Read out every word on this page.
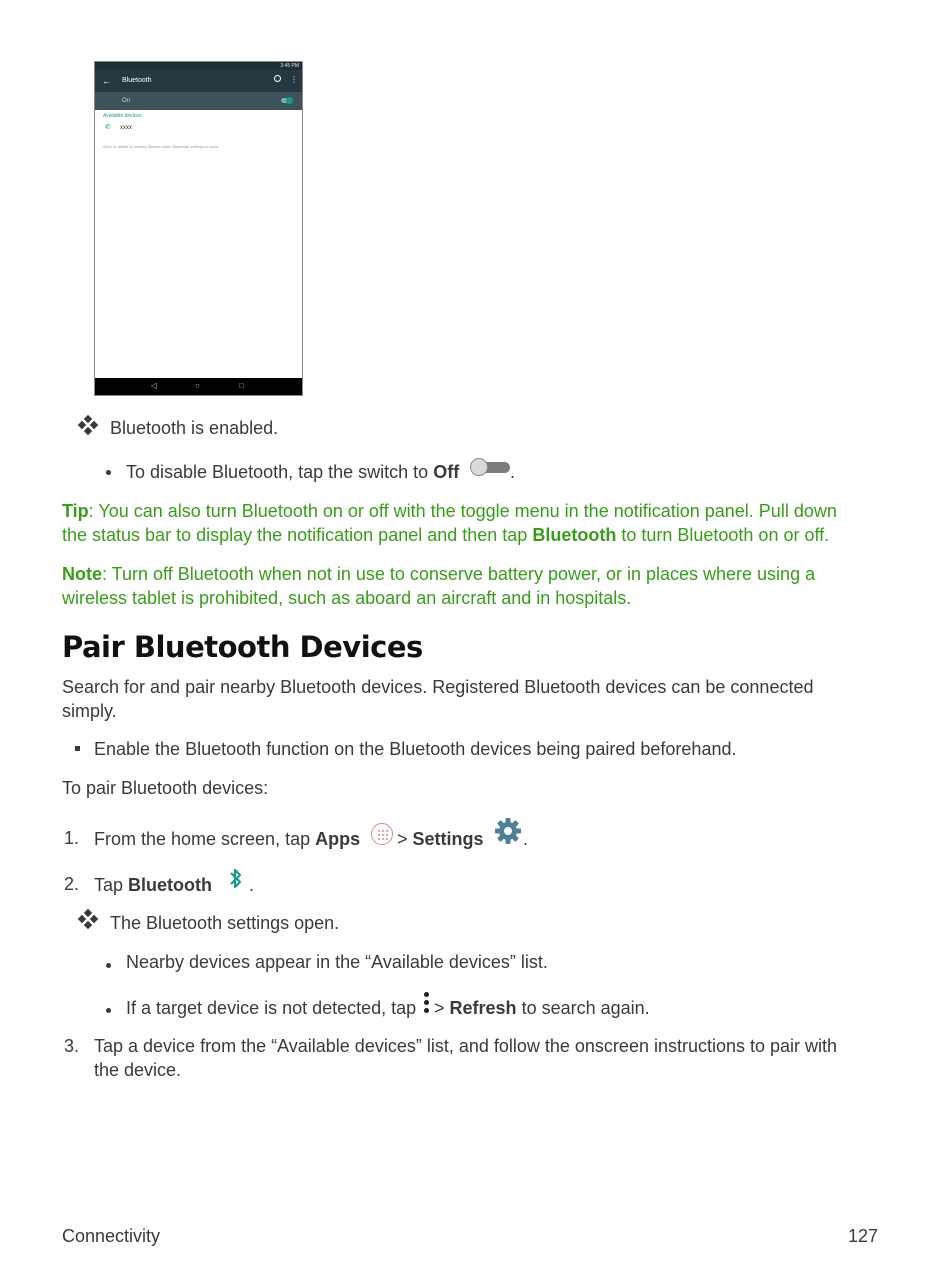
3:45 PM
← Bluetooth	⋮
On
Available devices
✆ xxxx
A621 is visible to nearby devices while Bluetooth settings is open.
◁	○	□
Bluetooth is enabled.
To disable Bluetooth, tap the switch to Off	.
Tip: You can also turn Bluetooth on or off with the toggle menu in the notification panel. Pull down the status bar to display the notification panel and then tap Bluetooth to turn Bluetooth on or off.
Note: Turn off Bluetooth when not in use to conserve battery power, or in places where using a wireless tablet is prohibited, such as aboard an aircraft and in hospitals.
Pair Bluetooth Devices
Search for and pair nearby Bluetooth devices. Registered Bluetooth devices can be connected simply.
Enable the Bluetooth function on the Bluetooth devices being paired beforehand.
To pair Bluetooth devices:
1. From the home screen, tap Apps > Settings .
2. Tap Bluetooth .
The Bluetooth settings open.
Nearby devices appear in the “Available devices” list.
If a target device is not detected, tap > Refresh to search again.
3. Tap a device from the “Available devices” list, and follow the onscreen instructions to pair with the device.
Connectivity	127
